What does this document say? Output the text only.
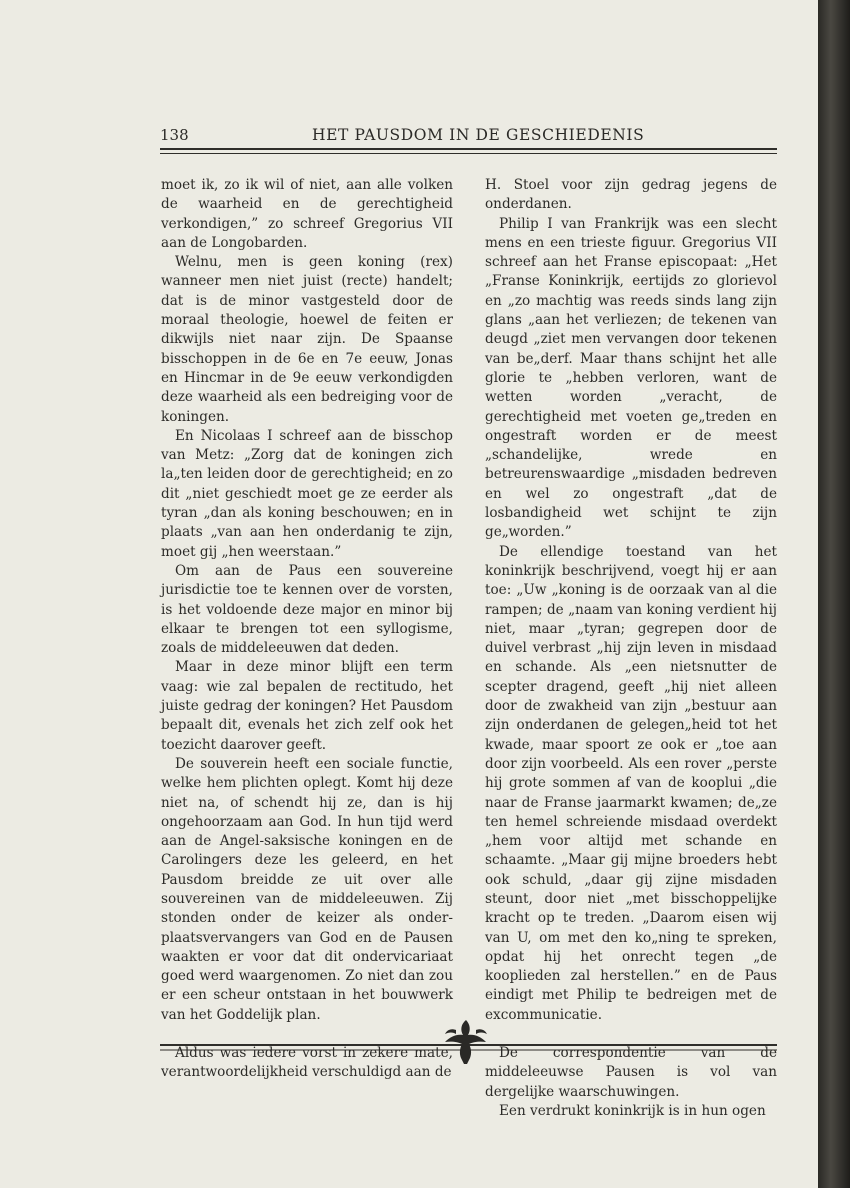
138	HET PAUSDOM IN DE GESCHIEDENIS

moet ik, zo ik wil of niet, aan alle volken de waarheid en de gerechtigheid verkondigen,” zo schreef Gregorius VII aan de Longobarden.

Welnu, men is geen koning (rex) wanneer men niet juist (recte) handelt; dat is de minor vastgesteld door de moraal theologie, hoewel de feiten er dikwijls niet naar zijn. De Spaanse bisschoppen in de 6e en 7e eeuw, Jonas en Hincmar in de 9e eeuw verkondigden deze waarheid als een bedreiging voor de koningen.

En Nicolaas I schreef aan de bisschop van Metz: „Zorg dat de koningen zich la„ten leiden door de gerechtigheid; en zo dit „niet geschiedt moet ge ze eerder als tyran „dan als koning beschouwen; en in plaats „van aan hen onderdanig te zijn, moet gij „hen weerstaan.”

Om aan de Paus een souvereine jurisdictie toe te kennen over de vorsten, is het voldoende deze major en minor bij elkaar te brengen tot een syllogisme, zoals de middeleeuwen dat deden.

Maar in deze minor blijft een term vaag: wie zal bepalen de rectitudo, het juiste gedrag der koningen? Het Pausdom bepaalt dit, evenals het zich zelf ook het toezicht daarover geeft.

De souverein heeft een sociale functie, welke hem plichten oplegt. Komt hij deze niet na, of schendt hij ze, dan is hij ongehoorzaam aan God. In hun tijd werd aan de Angel-saksische koningen en de Carolingers deze les geleerd, en het Pausdom breidde ze uit over alle souvereinen van de middeleeuwen. Zij stonden onder de keizer als onder-plaatsvervangers van God en de Pausen waakten er voor dat dit ondervicariaat goed werd waargenomen. Zo niet dan zou er een scheur ontstaan in het bouwwerk van het Goddelijk plan.

Aldus was iedere vorst in zekere mate, verantwoordelijkheid verschuldigd aan de

H. Stoel voor zijn gedrag jegens de onderdanen.

Philip I van Frankrijk was een slecht mens en een trieste figuur. Gregorius VII schreef aan het Franse episcopaat: „Het „Franse Koninkrijk, eertijds zo glorievol en „zo machtig was reeds sinds lang zijn glans „aan het verliezen; de tekenen van deugd „ziet men vervangen door tekenen van be„derf. Maar thans schijnt het alle glorie te „hebben verloren, want de wetten worden „veracht, de gerechtigheid met voeten ge„treden en ongestraft worden er de meest „schandelijke, wrede en betreurenswaardige „misdaden bedreven en wel zo ongestraft „dat de losbandigheid wet schijnt te zijn ge„worden.”

De ellendige toestand van het koninkrijk beschrijvend, voegt hij er aan toe: „Uw „koning is de oorzaak van al die rampen; de „naam van koning verdient hij niet, maar „tyran; gegrepen door de duivel verbrast „hij zijn leven in misdaad en schande. Als „een nietsnutter de scepter dragend, geeft „hij niet alleen door de zwakheid van zijn „bestuur aan zijn onderdanen de gelegen„heid tot het kwade, maar spoort ze ook er „toe aan door zijn voorbeeld. Als een rover „perste hij grote sommen af van de kooplui „die naar de Franse jaarmarkt kwamen; de„ze ten hemel schreiende misdaad overdekt „hem voor altijd met schande en schaamte. „Maar gij mijne broeders hebt ook schuld, „daar gij zijne misdaden steunt, door niet „met bisschoppelijke kracht op te treden. „Daarom eisen wij van U, om met den ko„ning te spreken, opdat hij het onrecht tegen „de kooplieden zal herstellen.” en de Paus eindigt met Philip te bedreigen met de excommunicatie.

De correspondentie van de middeleeuwse Pausen is vol van dergelijke waarschuwingen.

Een verdrukt koninkrijk is in hun ogen
